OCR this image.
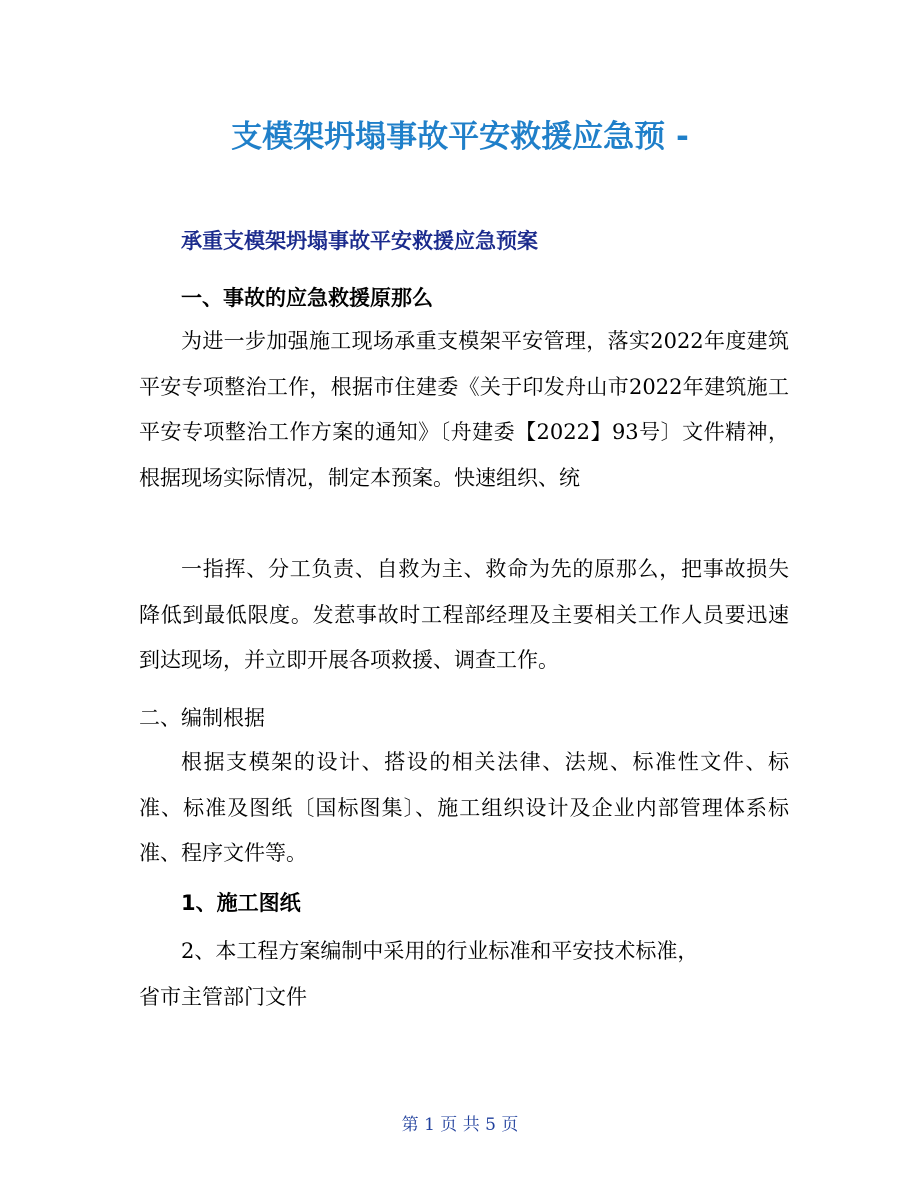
支模架坍塌事故平安救援应急预 -
承重支模架坍塌事故平安救援应急预案
一、事故的应急救援原那么

为进一步加强施工现场承重支模架平安管理，落实2022年度建筑平安专项整治工作，根据市住建委《关于印发舟山市2022年建筑施工平安专项整治工作方案的通知》〔舟建委【2022】93号〕文件精神，根据现场实际情况，制定本预案。快速组织、统

一指挥、分工负责、自救为主、救命为先的原那么，把事故损失降低到最低限度。发惹事故时工程部经理及主要相关工作人员要迅速到达现场，并立即开展各项救援、调查工作。

二、编制根据

根据支模架的设计、搭设的相关法律、法规、标准性文件、标准、标准及图纸〔国标图集〕、施工组织设计及企业内部管理体系标准、程序文件等。

1、施工图纸

2、本工程方案编制中采用的行业标准和平安技术标准，

省市主管部门文件

第 1 页 共 5 页
